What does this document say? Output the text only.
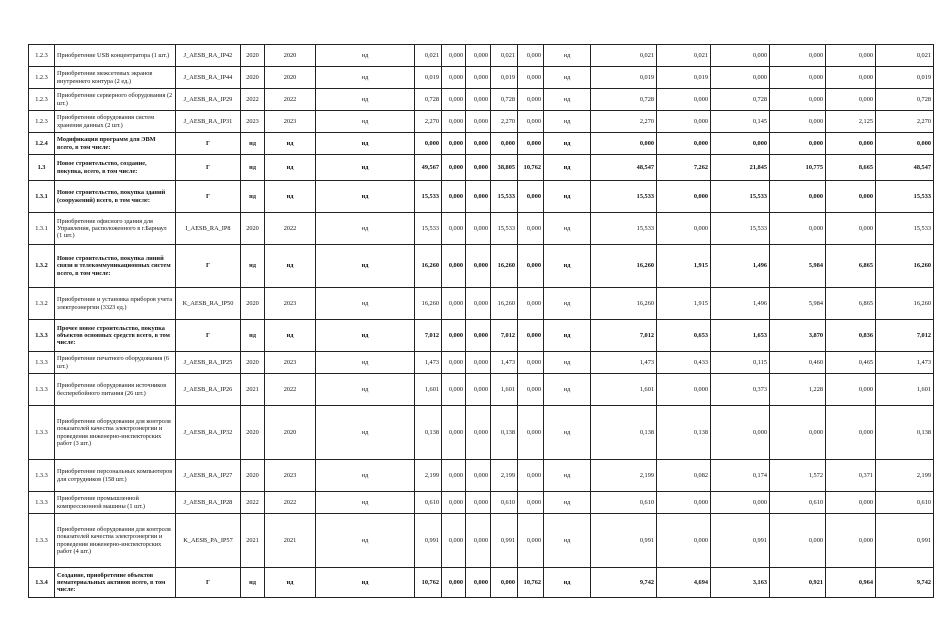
1.2.3	Приобретение USB концентратора (1 шт.)	J_AESB_RA_IP42	2020	2020	нд	0,021	0,000	0,000	0,021	0,000	нд	0,021	0,021	0,000	0,000	0,000	0,021
1.2.3	Приобретение межсетевых экранов внутреннего контура (2 ед.)	J_AESB_RA_IP44	2020	2020	нд	0,019	0,000	0,000	0,019	0,000	нд	0,019	0,019	0,000	0,000	0,000	0,019
1.2.3	Приобретение серверного оборудования (2 шт.)	J_AESB_RA_IP29	2022	2022	нд	0,728	0,000	0,000	0,728	0,000	нд	0,728	0,000	0,728	0,000	0,000	0,728
1.2.3	Приобретение оборудования систем хранения данных (2 шт.)	J_AESB_RA_IP31	2023	2023	нд	2,270	0,000	0,000	2,270	0,000	нд	2,270	0,000	0,145	0,000	2,125	2,270
1.2.4	Модификация программ для ЭВМ всего, в том числе:	Г	нд	нд	нд	0,000	0,000	0,000	0,000	0,000	нд	0,000	0,000	0,000	0,000	0,000	0,000
1.3	Новое строительство, создание, покупка, всего, в том числе:	Г	нд	нд	нд	49,567	0,000	0,000	38,805	10,762	нд	48,547	7,262	21,845	10,775	8,665	48,547
1.3.1	Новое строительство, покупка зданий (сооружений) всего, в том числе:	Г	нд	нд	нд	15,533	0,000	0,000	15,533	0,000	нд	15,533	0,000	15,533	0,000	0,000	15,533
1.3.1	Приобретение офисного здания для Управления, расположенного в г.Барнаул (1 шт.)	I_AESB_RA_IP8	2020	2022	нд	15,533	0,000	0,000	15,533	0,000	нд	15,533	0,000	15,533	0,000	0,000	15,533
1.3.2	Новое строительство, покупка линий связи и телекоммуникационных систем всего, в том числе:	Г	нд	нд	нд	16,260	0,000	0,000	16,260	0,000	нд	16,260	1,915	1,496	5,984	6,865	16,260
1.3.2	Приобретение и установка приборов учета электроэнергии (3323 ед.)	K_AESB_RA_IP50	2020	2023	нд	16,260	0,000	0,000	16,260	0,000	нд	16,260	1,915	1,496	5,984	6,865	16,260
1.3.3	Прочее новое строительство, покупка объектов основных средств всего, в том числе:	Г	нд	нд	нд	7,012	0,000	0,000	7,012	0,000	нд	7,012	0,653	1,653	3,870	0,836	7,012
1.3.3	Приобретение печатного оборудования (6 шт.)	J_AESB_RA_IP25	2020	2023	нд	1,473	0,000	0,000	1,473	0,000	нд	1,473	0,433	0,115	0,460	0,465	1,473
1.3.3	Приобретение оборудования источников бесперебойного питания (26 шт.)	J_AESB_RA_IP26	2021	2022	нд	1,601	0,000	0,000	1,601	0,000	нд	1,601	0,000	0,373	1,228	0,000	1,601
1.3.3	Приобретение оборудования для контроля показателей качества электроэнергии и проведения инженерно-инспекторских работ (3 шт.)	J_AESB_RA_IP32	2020	2020	нд	0,138	0,000	0,000	0,138	0,000	нд	0,138	0,138	0,000	0,000	0,000	0,138
1.3.3	Приобретение персональных компьютеров для сотрудников (158 шт.)	J_AESB_RA_IP27	2020	2023	нд	2,199	0,000	0,000	2,199	0,000	нд	2,199	0,082	0,174	1,572	0,371	2,199
1.3.3	Приобретение промышленной компрессионной машины (1 шт.)	J_AESB_RA_IP28	2022	2022	нд	0,610	0,000	0,000	0,610	0,000	нд	0,610	0,000	0,000	0,610	0,000	0,610
1.3.3	Приобретение оборудования для контроля показателей качества электроэнергии и проведения инженерно-инспекторских работ (4 шт.)	K_AESB_PA_IP57	2021	2021	нд	0,991	0,000	0,000	0,991	0,000	нд	0,991	0,000	0,991	0,000	0,000	0,991
1.3.4	Создание, приобретение объектов нематериальных активов всего, в том числе:	Г	нд	нд	нд	10,762	0,000	0,000	0,000	10,762	нд	9,742	4,694	3,163	0,921	0,964	9,742
